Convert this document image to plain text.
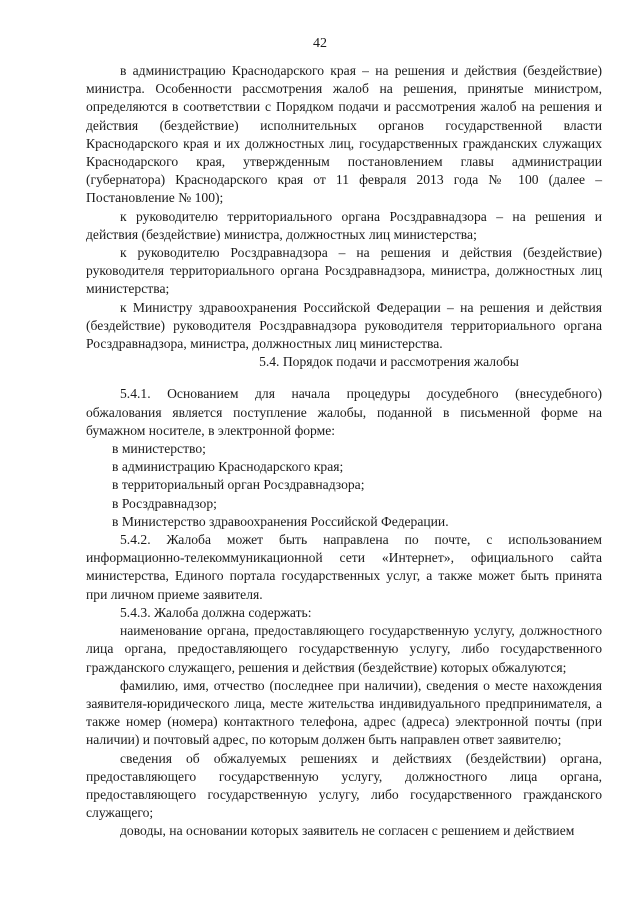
42

в администрацию Краснодарского края – на решения и действия (бездействие) министра. Особенности рассмотрения жалоб на решения, принятые министром, определяются в соответствии с Порядком подачи и рассмотрения жалоб на решения и действия (бездействие) исполнительных органов государственной власти Краснодарского края и их должностных лиц, государственных гражданских служащих Краснодарского края, утвержденным постановлением главы администрации (губернатора) Краснодарского края от 11 февраля 2013 года № 100 (далее – Постановление № 100);

к руководителю территориального органа Росздравнадзора – на решения и действия (бездействие) министра, должностных лиц министерства;

к руководителю Росздравнадзора – на решения и действия (бездействие) руководителя территориального органа Росздравнадзора, министра, должностных лиц министерства;

к Министру здравоохранения Российской Федерации – на решения и действия (бездействие) руководителя Росздравнадзора руководителя территориального органа Росздравнадзора, министра, должностных лиц министерства.

5.4. Порядок подачи и рассмотрения жалобы

5.4.1. Основанием для начала процедуры досудебного (внесудебного) обжалования является поступление жалобы, поданной в письменной форме на бумажном носителе, в электронной форме:

в министерство;

в администрацию Краснодарского края;

в территориальный орган Росздравнадзора;

в Росздравнадзор;

в Министерство здравоохранения Российской Федерации.

5.4.2. Жалоба может быть направлена по почте, с использованием информационно-телекоммуникационной сети «Интернет», официального сайта министерства, Единого портала государственных услуг, а также может быть принята при личном приеме заявителя.

5.4.3. Жалоба должна содержать:

наименование органа, предоставляющего государственную услугу, должностного лица органа, предоставляющего государственную услугу, либо государственного гражданского служащего, решения и действия (бездействие) которых обжалуются;

фамилию, имя, отчество (последнее при наличии), сведения о месте нахождения заявителя-юридического лица, месте жительства индивидуального предпринимателя, а также номер (номера) контактного телефона, адрес (адреса) электронной почты (при наличии) и почтовый адрес, по которым должен быть направлен ответ заявителю;

сведения об обжалуемых решениях и действиях (бездействии) органа, предоставляющего государственную услугу, должностного лица органа, предоставляющего государственную услугу, либо государственного гражданского служащего;

доводы, на основании которых заявитель не согласен с решением и действием
